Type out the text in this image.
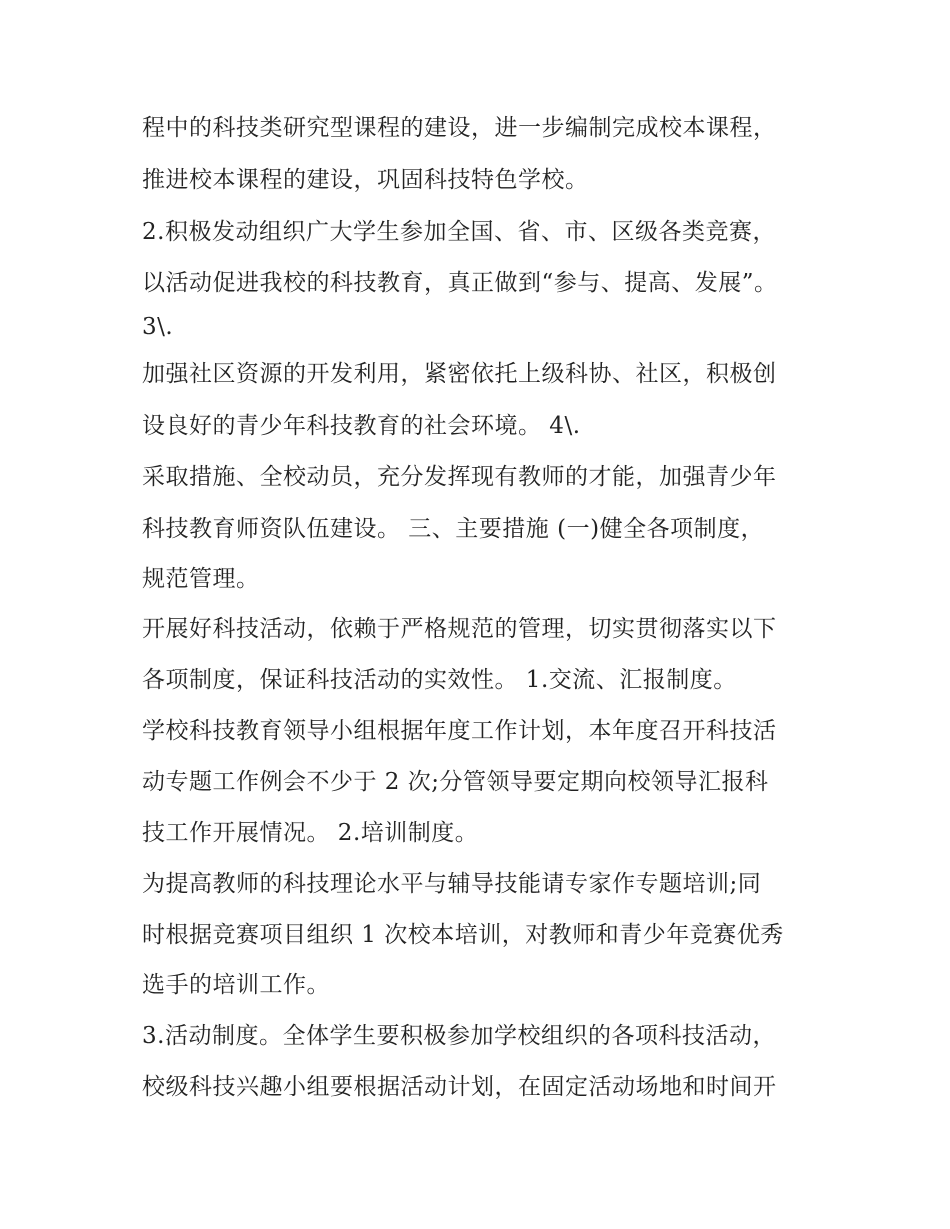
程中的科技类研究型课程的建设，进一步编制完成校本课程，
推进校本课程的建设，巩固科技特色学校。
2.积极发动组织广大学生参加全国、省、市、区级各类竞赛，
以活动促进我校的科技教育，真正做到“参与、提高、发展”。
3\.
加强社区资源的开发利用，紧密依托上级科协、社区，积极创
设良好的青少年科技教育的社会环境。 4\.
采取措施、全校动员，充分发挥现有教师的才能，加强青少年
科技教育师资队伍建设。 三、主要措施 (一)健全各项制度，
规范管理。
开展好科技活动，依赖于严格规范的管理，切实贯彻落实以下
各项制度，保证科技活动的实效性。 1.交流、汇报制度。
学校科技教育领导小组根据年度工作计划，本年度召开科技活
动专题工作例会不少于 2 次;分管领导要定期向校领导汇报科
技工作开展情况。 2.培训制度。
为提高教师的科技理论水平与辅导技能请专家作专题培训;同
时根据竞赛项目组织 1 次校本培训，对教师和青少年竞赛优秀
选手的培训工作。
3.活动制度。全体学生要积极参加学校组织的各项科技活动，
校级科技兴趣小组要根据活动计划，在固定活动场地和时间开
